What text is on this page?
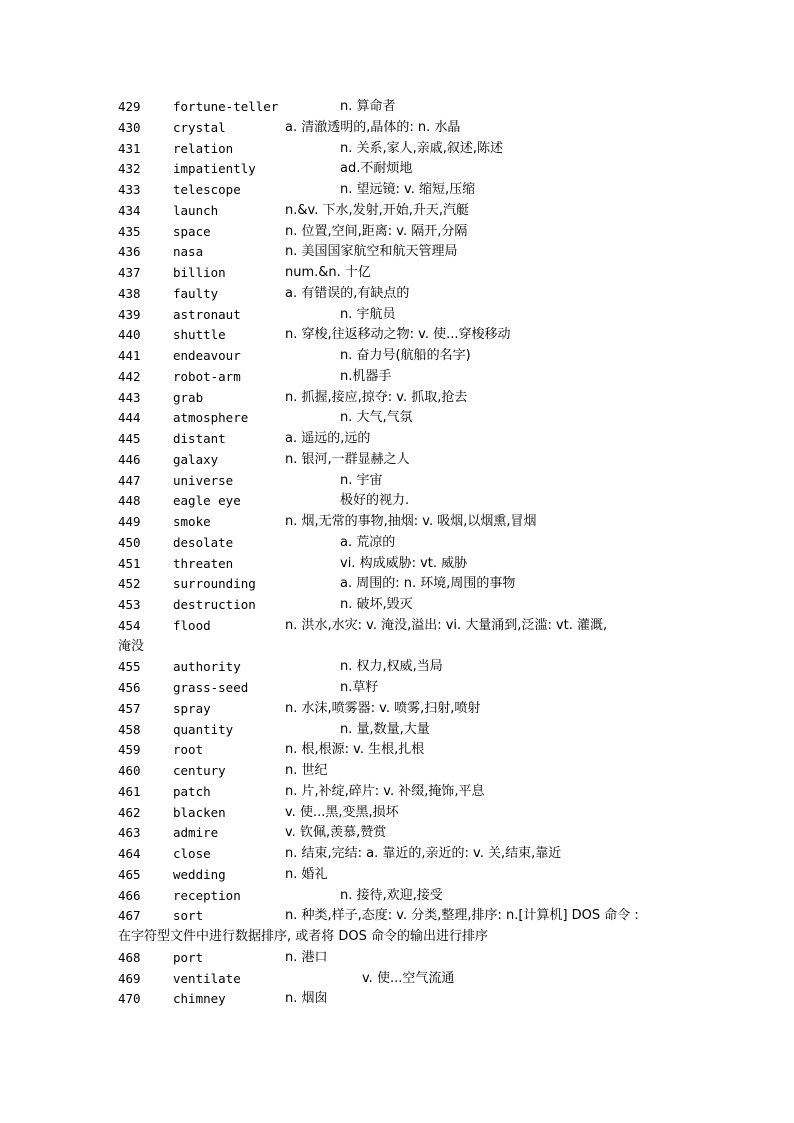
429	fortune-teller	n. 算命者
430	crystal	a. 清澈透明的,晶体的: n. 水晶
431	relation	n. 关系,家人,亲戚,叙述,陈述
432	impatiently	ad.不耐烦地
433	telescope	n. 望远镜: v. 缩短,压缩
434	launch	n.&v. 下水,发射,开始,升天,汽艇
435	space	n. 位置,空间,距离: v. 隔开,分隔
436	nasa	n. 美国国家航空和航天管理局
437	billion	num.&n. 十亿
438	faulty	a. 有错误的,有缺点的
439	astronaut	n. 宇航员
440	shuttle	n. 穿梭,往返移动之物: v. 使...穿梭移动
441	endeavour	n. 奋力号(航船的名字)
442	robot-arm	n.机器手
443	grab	n. 抓握,接应,掠夺: v. 抓取,抢去
444	atmosphere	n. 大气,气氛
445	distant	a. 遥远的,远的
446	galaxy	n. 银河,一群显赫之人
447	universe	n. 宇宙
448	eagle eye	极好的视力.
449	smoke	n. 烟,无常的事物,抽烟: v. 吸烟,以烟熏,冒烟
450	desolate	a. 荒凉的
451	threaten	vi. 构成威胁: vt. 威胁
452	surrounding	a. 周围的: n. 环境,周围的事物
453	destruction	n. 破坏,毁灭
454	flood	n. 洪水,水灾: v. 淹没,溢出: vi. 大量涌到,泛滥: vt. 灌溉,
淹没
455	authority	n. 权力,权威,当局
456	grass-seed	n.草籽
457	spray	n. 水沫,喷雾器: v. 喷雾,扫射,喷射
458	quantity	n. 量,数量,大量
459	root	n. 根,根源: v. 生根,扎根
460	century	n. 世纪
461	patch	n. 片,补绽,碎片: v. 补缀,掩饰,平息
462	blacken	v. 使...黑,变黑,损坏
463	admire	v. 钦佩,羡慕,赞赏
464	close	n. 结束,完结: a. 靠近的,亲近的: v. 关,结束,靠近
465	wedding	n. 婚礼
466	reception	n. 接待,欢迎,接受
467	sort	n. 种类,样子,态度: v. 分类,整理,排序: n.[计算机] DOS 命令 :
在字符型文件中进行数据排序, 或者将 DOS 命令的输出进行排序
468	port	n. 港口
469	ventilate	v. 使...空气流通
470	chimney	n. 烟囱
